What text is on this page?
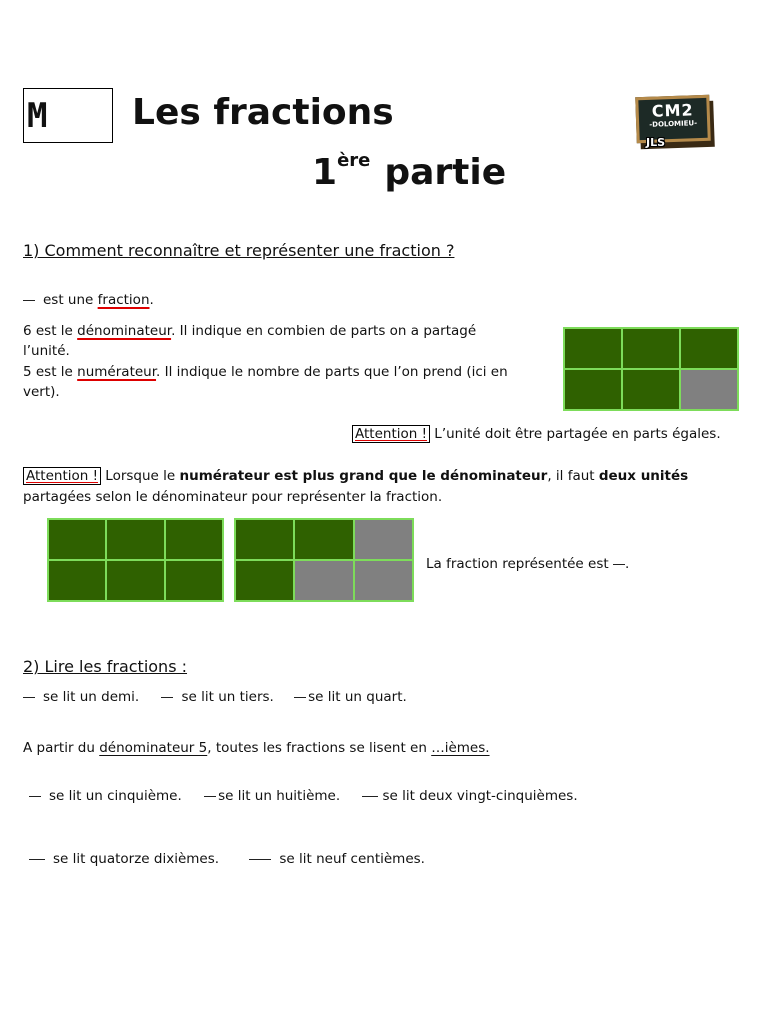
M	Les fractions
1ère partie
CM2
-DOLOMIEU-
JLS
1) Comment reconnaître et représenter une fraction ?
est une fraction.
6 est le dénominateur. Il indique en combien de parts on a partagé
l’unité.
5 est le numérateur. Il indique le nombre de parts que l’on prend (ici en
vert).
Attention ! L’unité doit être partagée en parts égales.
Attention ! Lorsque le numérateur est plus grand que le dénominateur, il faut deux unités
partagées selon le dénominateur pour représenter la fraction.
La fraction représentée est .
2) Lire les fractions :
se lit un demi.	se lit un tiers.	se lit un quart.
A partir du dénominateur 5, toutes les fractions se lisent en …ièmes.
se lit un cinquième.	se lit un huitième.	se lit deux vingt-cinquièmes.
se lit quatorze dixièmes.	se lit neuf centièmes.
